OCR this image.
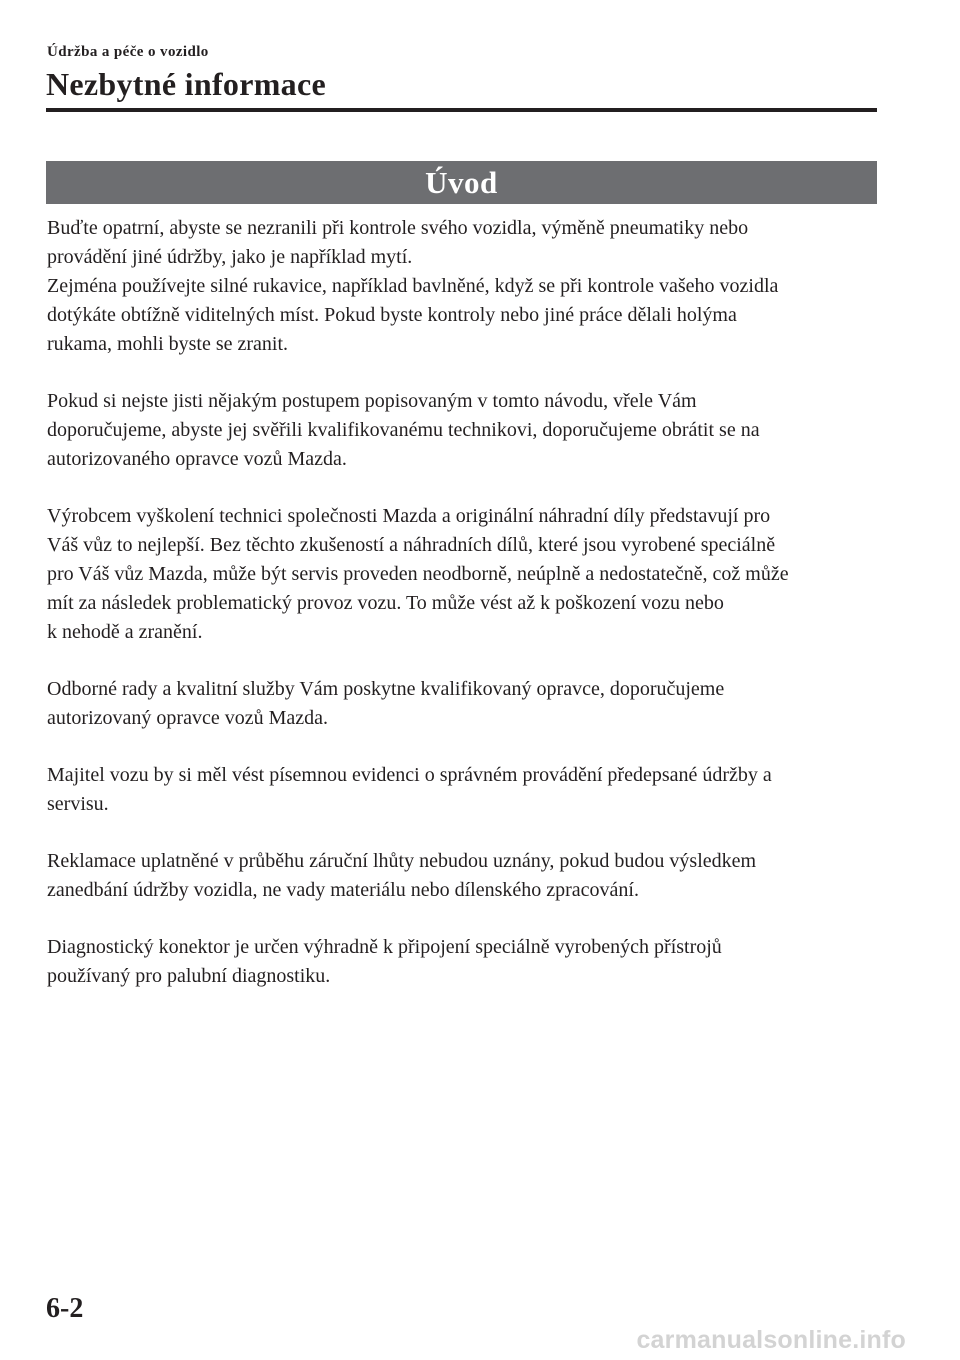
Údržba a péče o vozidlo
Nezbytné informace
Úvod

Buďte opatrní, abyste se nezranili při kontrole svého vozidla, výměně pneumatiky nebo
provádění jiné údržby, jako je například mytí.
Zejména používejte silné rukavice, například bavlněné, když se při kontrole vašeho vozidla
dotýkáte obtížně viditelných míst. Pokud byste kontroly nebo jiné práce dělali holýma
rukama, mohli byste se zranit.

Pokud si nejste jisti nějakým postupem popisovaným v tomto návodu, vřele Vám
doporučujeme, abyste jej svěřili kvalifikovanému technikovi, doporučujeme obrátit se na
autorizovaného opravce vozů Mazda.

Výrobcem vyškolení technici společnosti Mazda a originální náhradní díly představují pro
Váš vůz to nejlepší. Bez těchto zkušeností a náhradních dílů, které jsou vyrobené speciálně
pro Váš vůz Mazda, může být servis proveden neodborně, neúplně a nedostatečně, což může
mít za následek problematický provoz vozu. To může vést až k poškození vozu nebo
k nehodě a zranění.

Odborné rady a kvalitní služby Vám poskytne kvalifikovaný opravce, doporučujeme
autorizovaný opravce vozů Mazda.

Majitel vozu by si měl vést písemnou evidenci o správném provádění předepsané údržby a
servisu.

Reklamace uplatněné v průběhu záruční lhůty nebudou uznány, pokud budou výsledkem
zanedbání údržby vozidla, ne vady materiálu nebo dílenského zpracování.

Diagnostický konektor je určen výhradně k připojení speciálně vyrobených přístrojů
používaný pro palubní diagnostiku.

6-2
carmanualsonline.info
